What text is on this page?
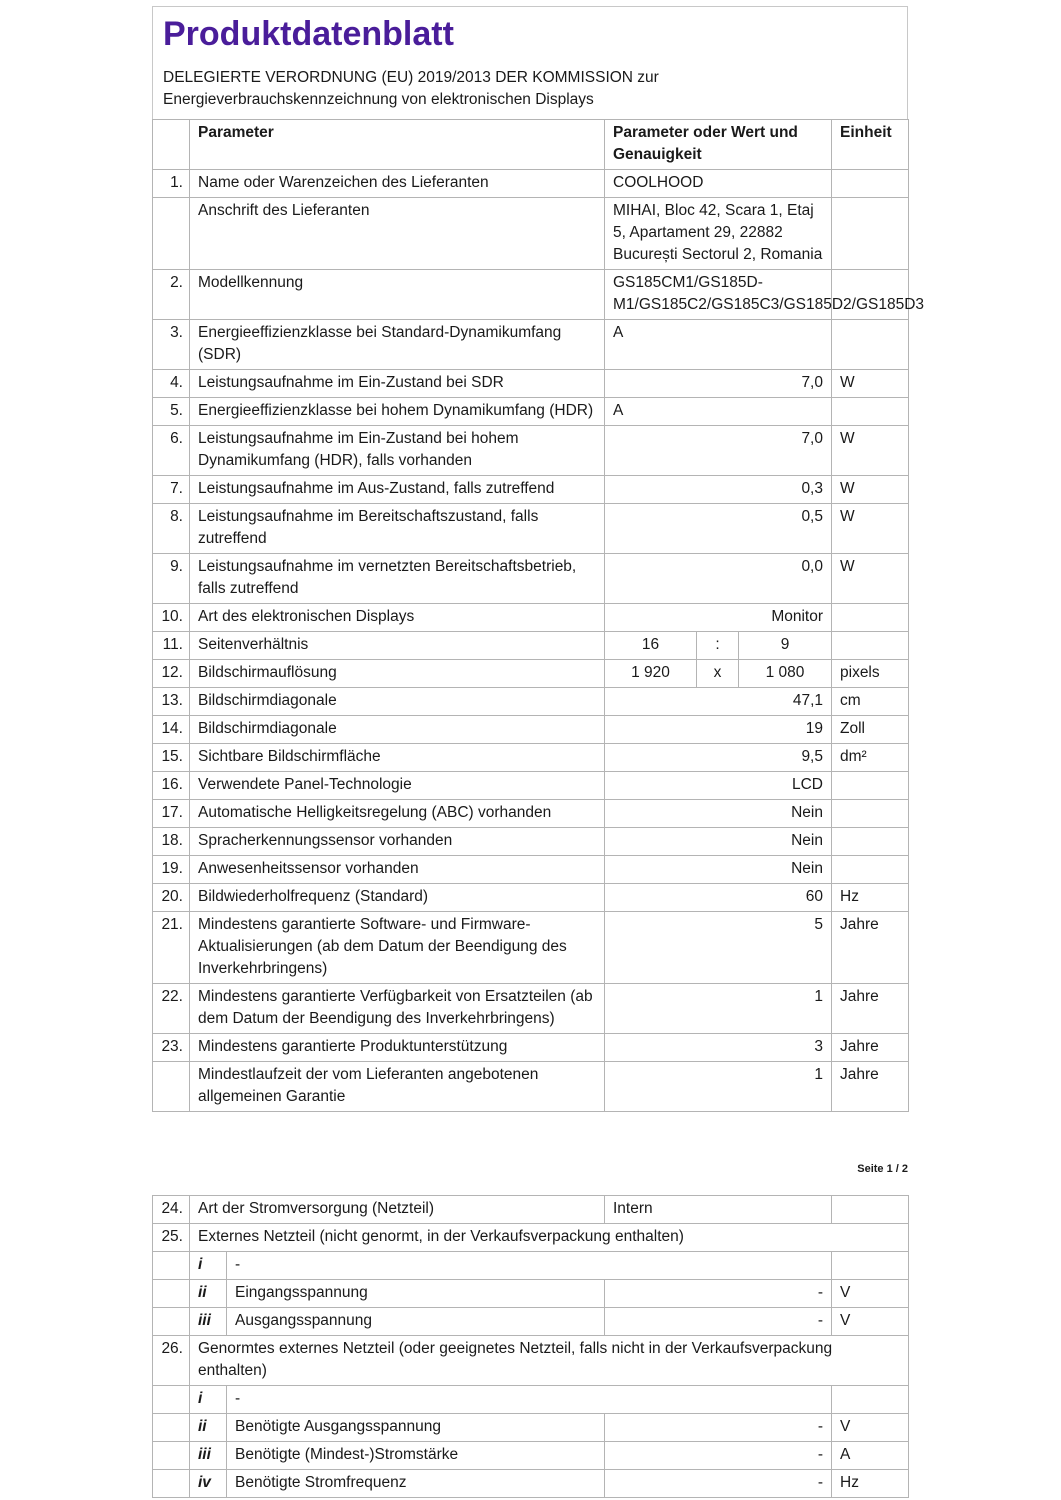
Produktdatenblatt
DELEGIERTE VERORDNUNG (EU) 2019/2013 DER KOMMISSION zur
Energieverbrauchskennzeichnung von elektronischen Displays
	Parameter	Parameter oder Wert und Genauigkeit			Einheit
1.	Name oder Warenzeichen des Lieferanten	COOLHOOD			
	Anschrift des Lieferanten	MIHAI, Bloc 42, Scara 1, Etaj 5, Apartament 29, 22882 București Sectorul 2, Romania			
2.	Modellkennung	GS185CM1/GS185D-M1/GS185C2/GS185C3/GS185D2/GS185D3			
3.	Energieeffizienzklasse bei Standard-Dynamikumfang (SDR)	A			
4.	Leistungsaufnahme im Ein-Zustand bei SDR	7,0			W
5.	Energieeffizienzklasse bei hohem Dynamikumfang (HDR)	A			
6.	Leistungsaufnahme im Ein-Zustand bei hohem Dynamikumfang (HDR), falls vorhanden	7,0			W
7.	Leistungsaufnahme im Aus-Zustand, falls zutreffend	0,3			W
8.	Leistungsaufnahme im Bereitschaftszustand, falls zutreffend	0,5			W
9.	Leistungsaufnahme im vernetzten Bereitschaftsbetrieb, falls zutreffend	0,0			W
10.	Art des elektronischen Displays	Monitor			
11.	Seitenverhältnis	16	:	9	
12.	Bildschirmauflösung	1 920	x	1 080	pixels
13.	Bildschirmdiagonale	47,1			cm
14.	Bildschirmdiagonale	19			Zoll
15.	Sichtbare Bildschirmfläche	9,5			dm²
16.	Verwendete Panel-Technologie	LCD			
17.	Automatische Helligkeitsregelung (ABC) vorhanden	Nein			
18.	Spracherkennungssensor vorhanden	Nein			
19.	Anwesenheitssensor vorhanden	Nein			
20.	Bildwiederholfrequenz (Standard)	60			Hz
21.	Mindestens garantierte Software- und Firmware-Aktualisierungen (ab dem Datum der Beendigung des Inverkehrbringens)	5			Jahre
22.	Mindestens garantierte Verfügbarkeit von Ersatzteilen (ab dem Datum der Beendigung des Inverkehrbringens)	1			Jahre
23.	Mindestens garantierte Produktunterstützung	3			Jahre
	Mindestlaufzeit der vom Lieferanten angebotenen allgemeinen Garantie	1			Jahre
Seite 1 / 2
24.	Art der Stromversorgung (Netzteil)		Intern	
25.	Externes Netzteil (nicht genormt, in der Verkaufsverpackung enthalten)			
	i	-		
	ii	Eingangsspannung	-	V
	iii	Ausgangsspannung	-	V
26.	Genormtes externes Netzteil (oder geeignetes Netzteil, falls nicht in der Verkaufsverpackung enthalten)			
	i	-		
	ii	Benötigte Ausgangsspannung	-	V
	iii	Benötigte (Mindest-)Stromstärke	-	A
	iv	Benötigte Stromfrequenz	-	Hz
